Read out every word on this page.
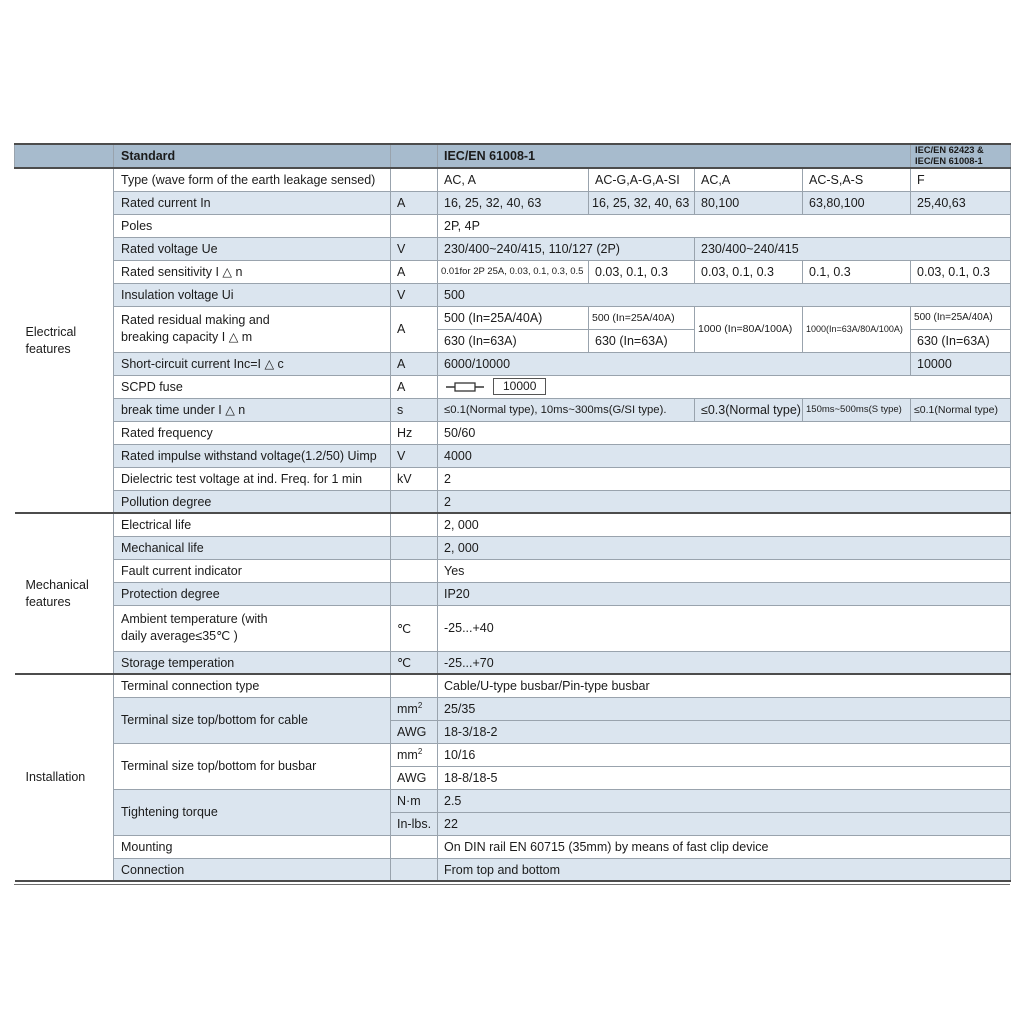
	Standard		IEC/EN 61008-1				IEC/EN 62423 &
IEC/EN 61008-1
Electrical features	Type (wave form of the earth leakage sensed)		AC, A	AC-G,A-G,A-SI	AC,A	AC-S,A-S	F
	Rated current In	A	16, 25, 32, 40, 63	16, 25, 32, 40, 63	80,100	63,80,100	25,40,63
	Poles		2P, 4P				
	Rated voltage Ue	V	230/400~240/415, 110/127 (2P)		230/400~240/415		
	Rated sensitivity I △ n	A	0.01for 2P 25A, 0.03, 0.1, 0.3, 0.5	0.03, 0.1, 0.3	0.03, 0.1, 0.3	0.1, 0.3	0.03, 0.1, 0.3
	Insulation voltage Ui	V	500				
	Rated residual making and
breaking capacity I △ m	A	500 (In=25A/40A)	500 (In=25A/40A)	1000 (In=80A/100A)	1000(In=63A/80A/100A)	500 (In=25A/40A)
			630 (In=63A)	630 (In=63A)			630 (In=63A)
	Short-circuit current Inc=I △ c	A	6000/10000				10000
	SCPD fuse	A	10000				

	break time under I △ n	s	≤0.1(Normal type), 10ms~300ms(G/SI type).		≤0.3(Normal type)	150ms~500ms(S type)	≤0.1(Normal type)
	Rated frequency	Hz	50/60				
	Rated impulse withstand voltage(1.2/50) Uimp	V	4000				
	Dielectric test voltage at ind. Freq. for 1 min	kV	2				
	Pollution degree		2				
Mechanical features	Electrical life		2, 000				
	Mechanical life		2, 000				
	Fault current indicator		Yes				
	Protection degree		IP20				
	Ambient temperature (with
daily average≤35℃ )	℃	-25...+40				
	Storage temperation	℃	-25...+70				
Installation	Terminal connection type		Cable/U-type busbar/Pin-type busbar				
	Terminal size top/bottom for cable	$mm^2$	25/35				
		AWG	18-3/18-2				
	Terminal size top/bottom for busbar	$mm^2$	10/16				
		AWG	18-8/18-5				
	Tightening torque	N·m	2.5				
		In-lbs.	22				
	Mounting		On DIN rail EN 60715 (35mm) by means of fast clip device				
	Connection		From top and bottom				
